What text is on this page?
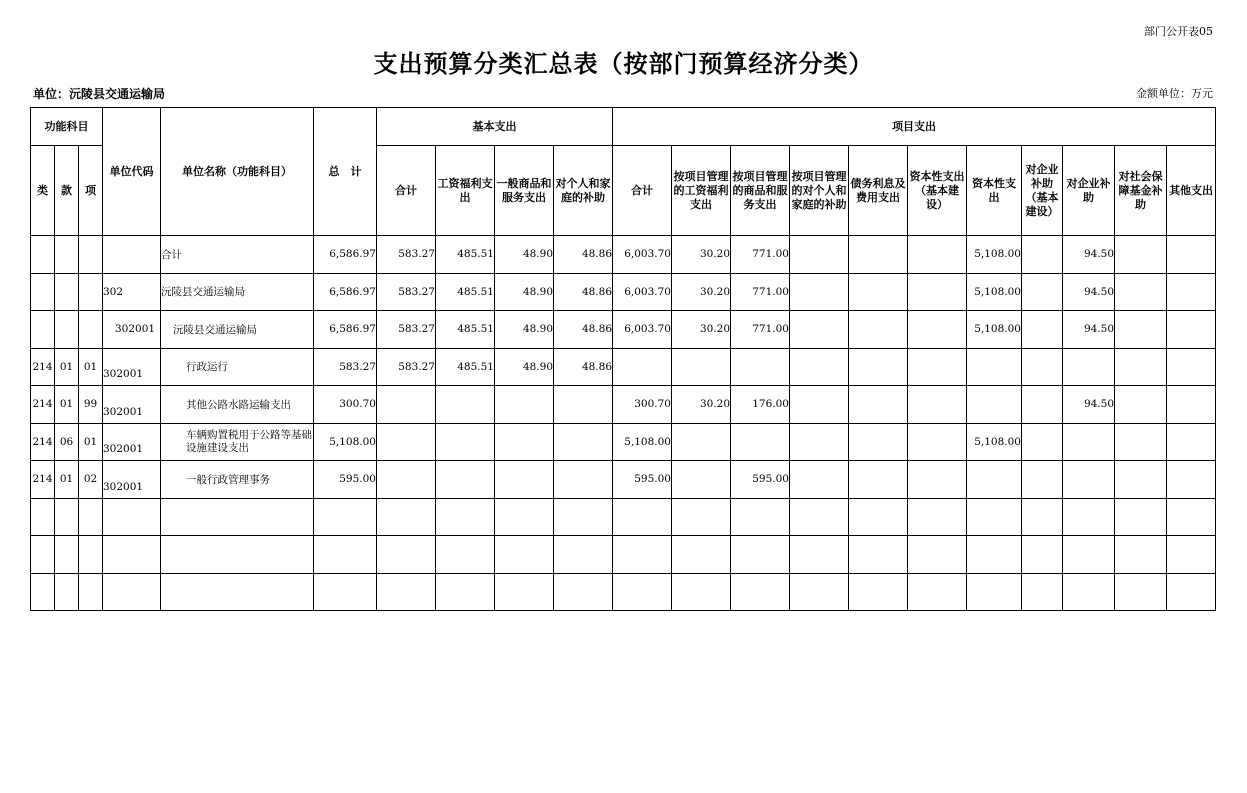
部门公开表05
支出预算分类汇总表（按部门预算经济分类）
单位：沅陵县交通运输局	金额单位：万元
功能科目			单位代码	单位名称（功能科目）	总　计	基本支出				项目支出										
类	款	项				合计	工资福利支出	一般商品和服务支出	对个人和家庭的补助	合计	按项目管理的工资福利支出	按项目管理的商品和服务支出	按项目管理的对个人和家庭的补助	债务利息及费用支出	资本性支出（基本建设）	资本性支出	对企业补助（基本建设）	对企业补助	对社会保障基金补助	其他支出
				合计	6,586.97	583.27	485.51	48.90	48.86	6,003.70	30.20	771.00				5,108.00		94.50		
			302	沅陵县交通运输局	6,586.97	583.27	485.51	48.90	48.86	6,003.70	30.20	771.00				5,108.00		94.50		
			302001	沅陵县交通运输局	6,586.97	583.27	485.51	48.90	48.86	6,003.70	30.20	771.00				5,108.00		94.50		
214	01	01	302001	行政运行	583.27	583.27	485.51	48.90	48.86											
214	01	99	302001	其他公路水路运输支出	300.70					300.70	30.20	176.00						94.50		
214	06	01	302001	车辆购置税用于公路等基础设施建设支出	5,108.00					5,108.00						5,108.00				
214	01	02	302001	一般行政管理事务	595.00					595.00		595.00								
